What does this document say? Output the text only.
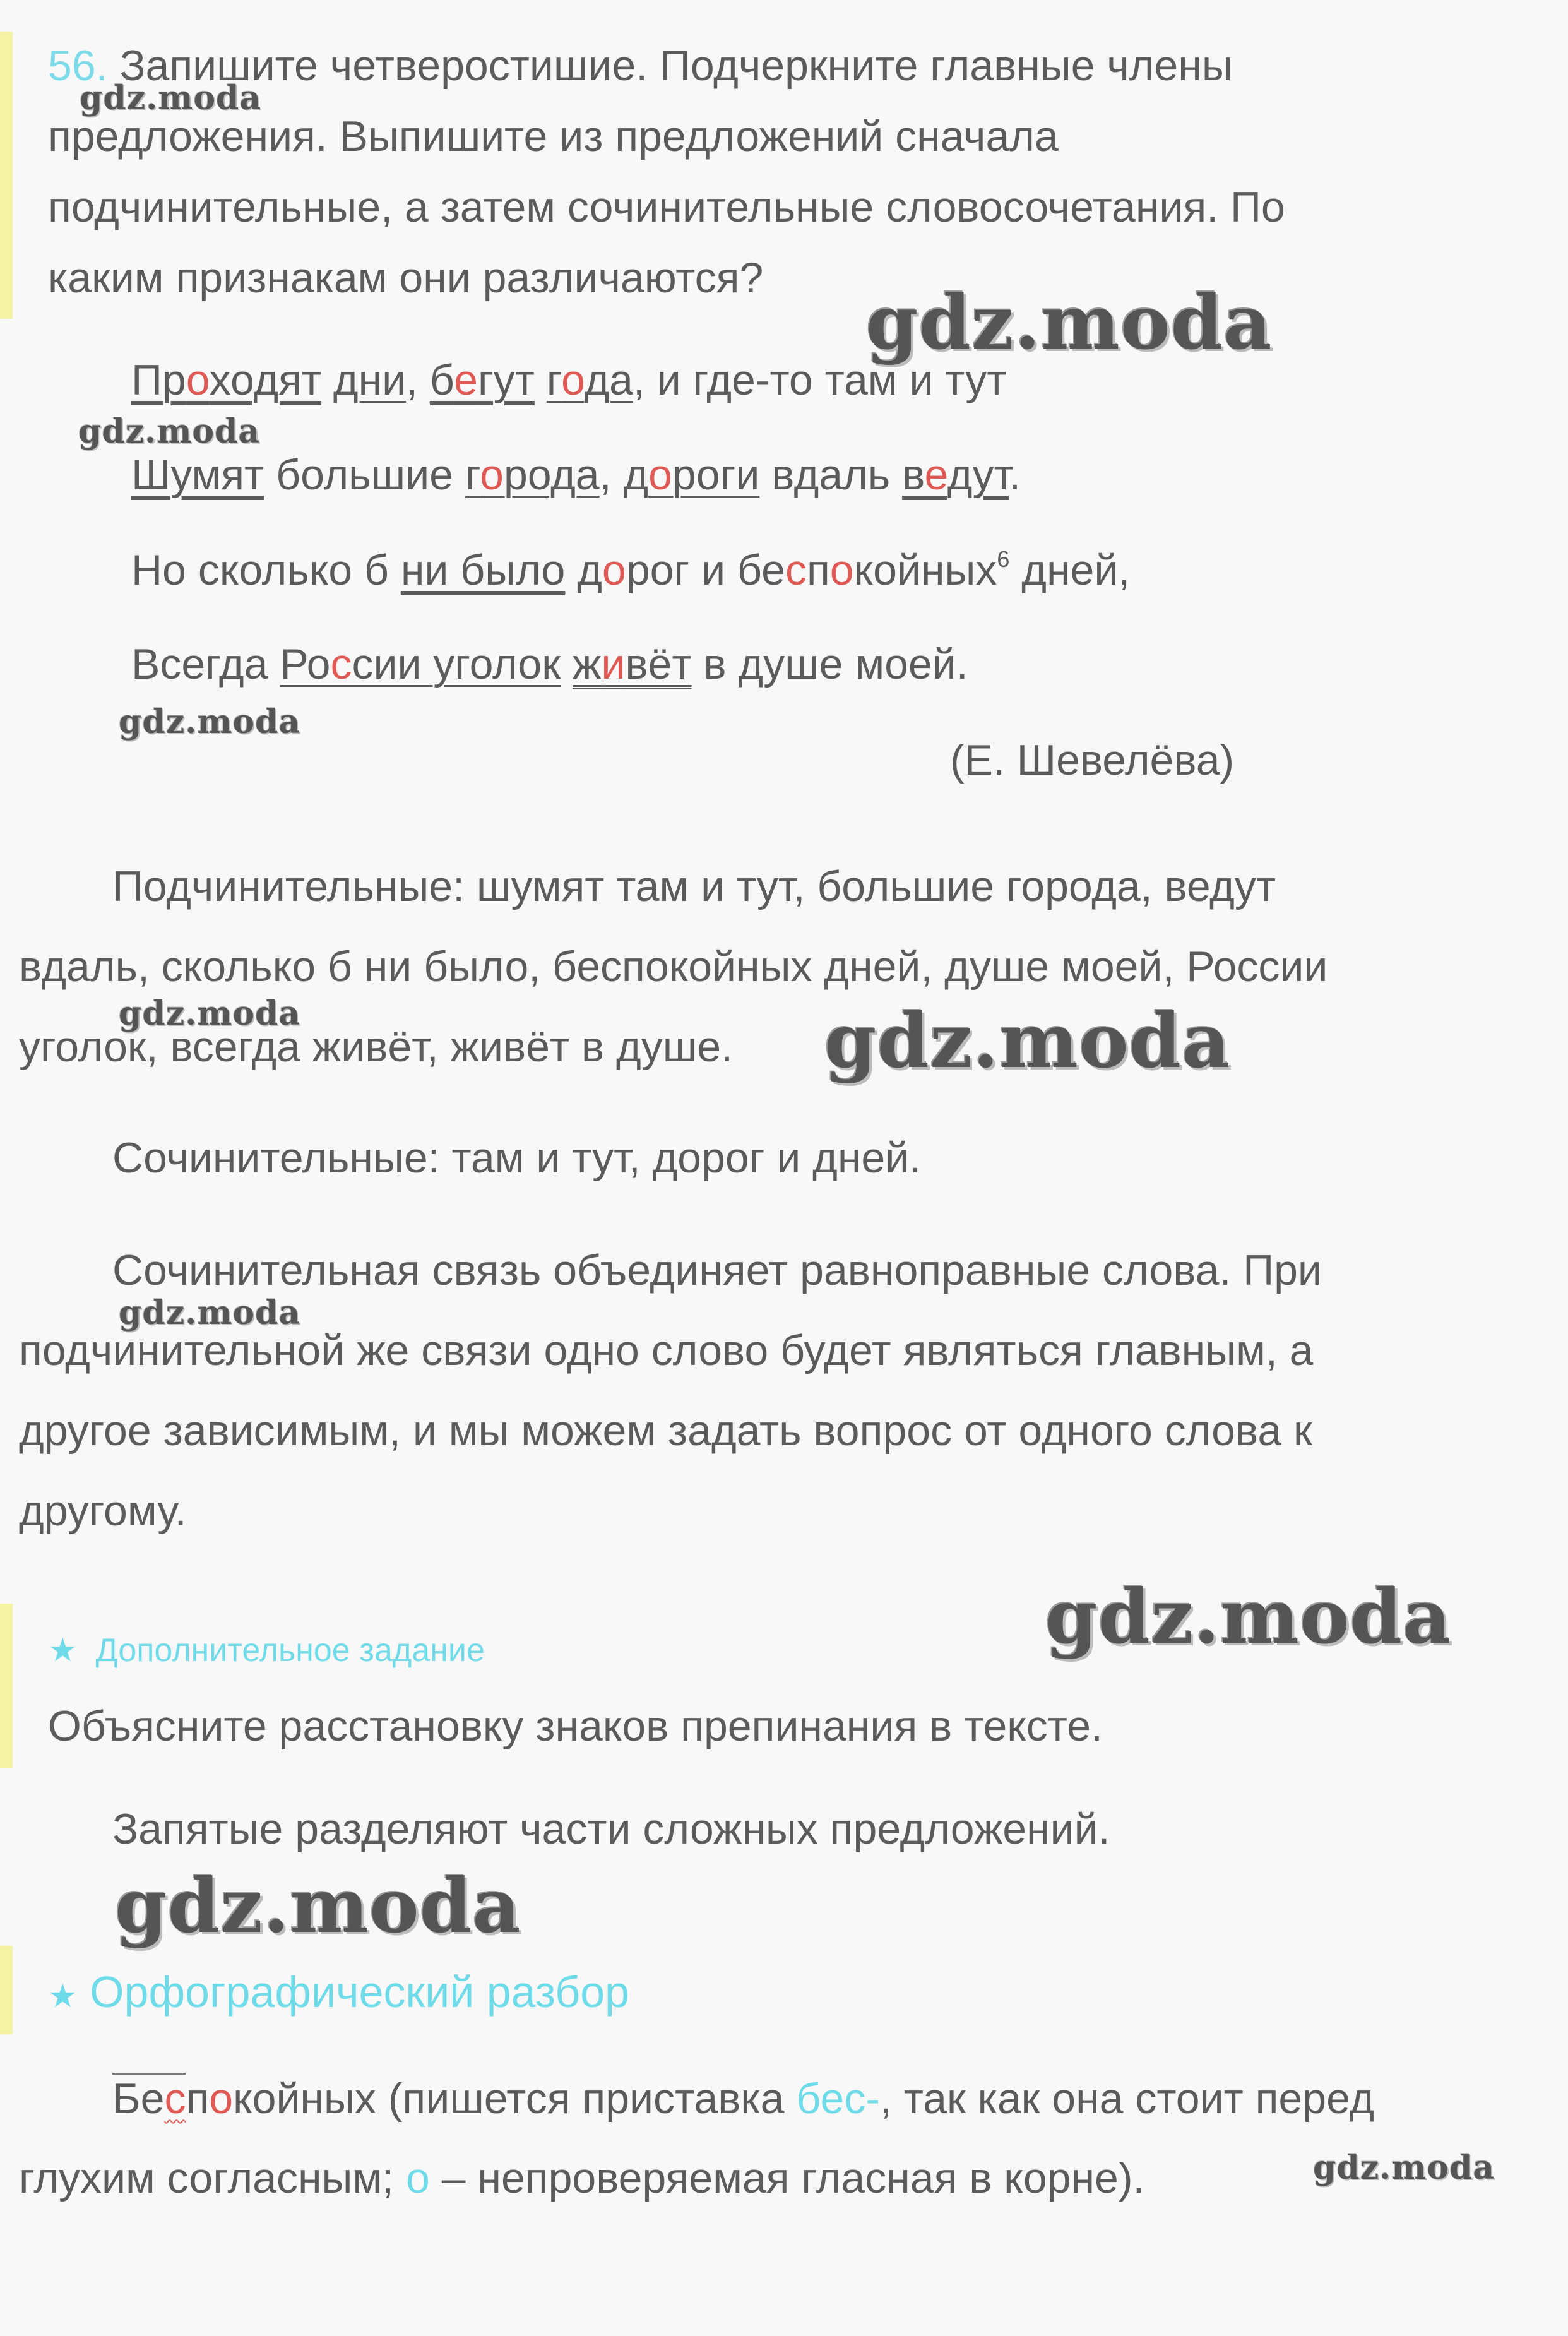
56. Запишите четверостишие. Подчеркните главные члены
предложения. Выпишите из предложений сначала
подчинительные, а затем сочинительные словосочетания. По
каким признакам они различаются?
Проходят дни, бегут года, и где-то там и тут
Шумят большие города, дороги вдаль ведут.
Но сколько б ни было дорог и беспокойных$^6$ дней,
Всегда России уголок живёт в душе моей.
(Е. Шевелёва)
Подчинительные: шумят там и тут, большие города, ведут
вдаль, сколько б ни было, беспокойных дней, душе моей, России
уголок, всегда живёт, живёт в душе.
Сочинительные: там и тут, дорог и дней.
Сочинительная связь объединяет равноправные слова. При
подчинительной же связи одно слово будет являться главным, а
другое зависимым, и мы можем задать вопрос от одного слова к
другому.
★ Дополнительное задание
Объясните расстановку знаков препинания в тексте.
Запятые разделяют части сложных предложений.
★ Орфографический разбор
Беспокойных (пишется приставка бес-, так как она стоит перед
глухим согласным; о – непроверяемая гласная в корне).
gdz.moda
gdz.moda
gdz.moda
gdz.moda
gdz.moda	gdz.moda
gdz.moda
gdz.moda
gdz.moda
gdz.moda
